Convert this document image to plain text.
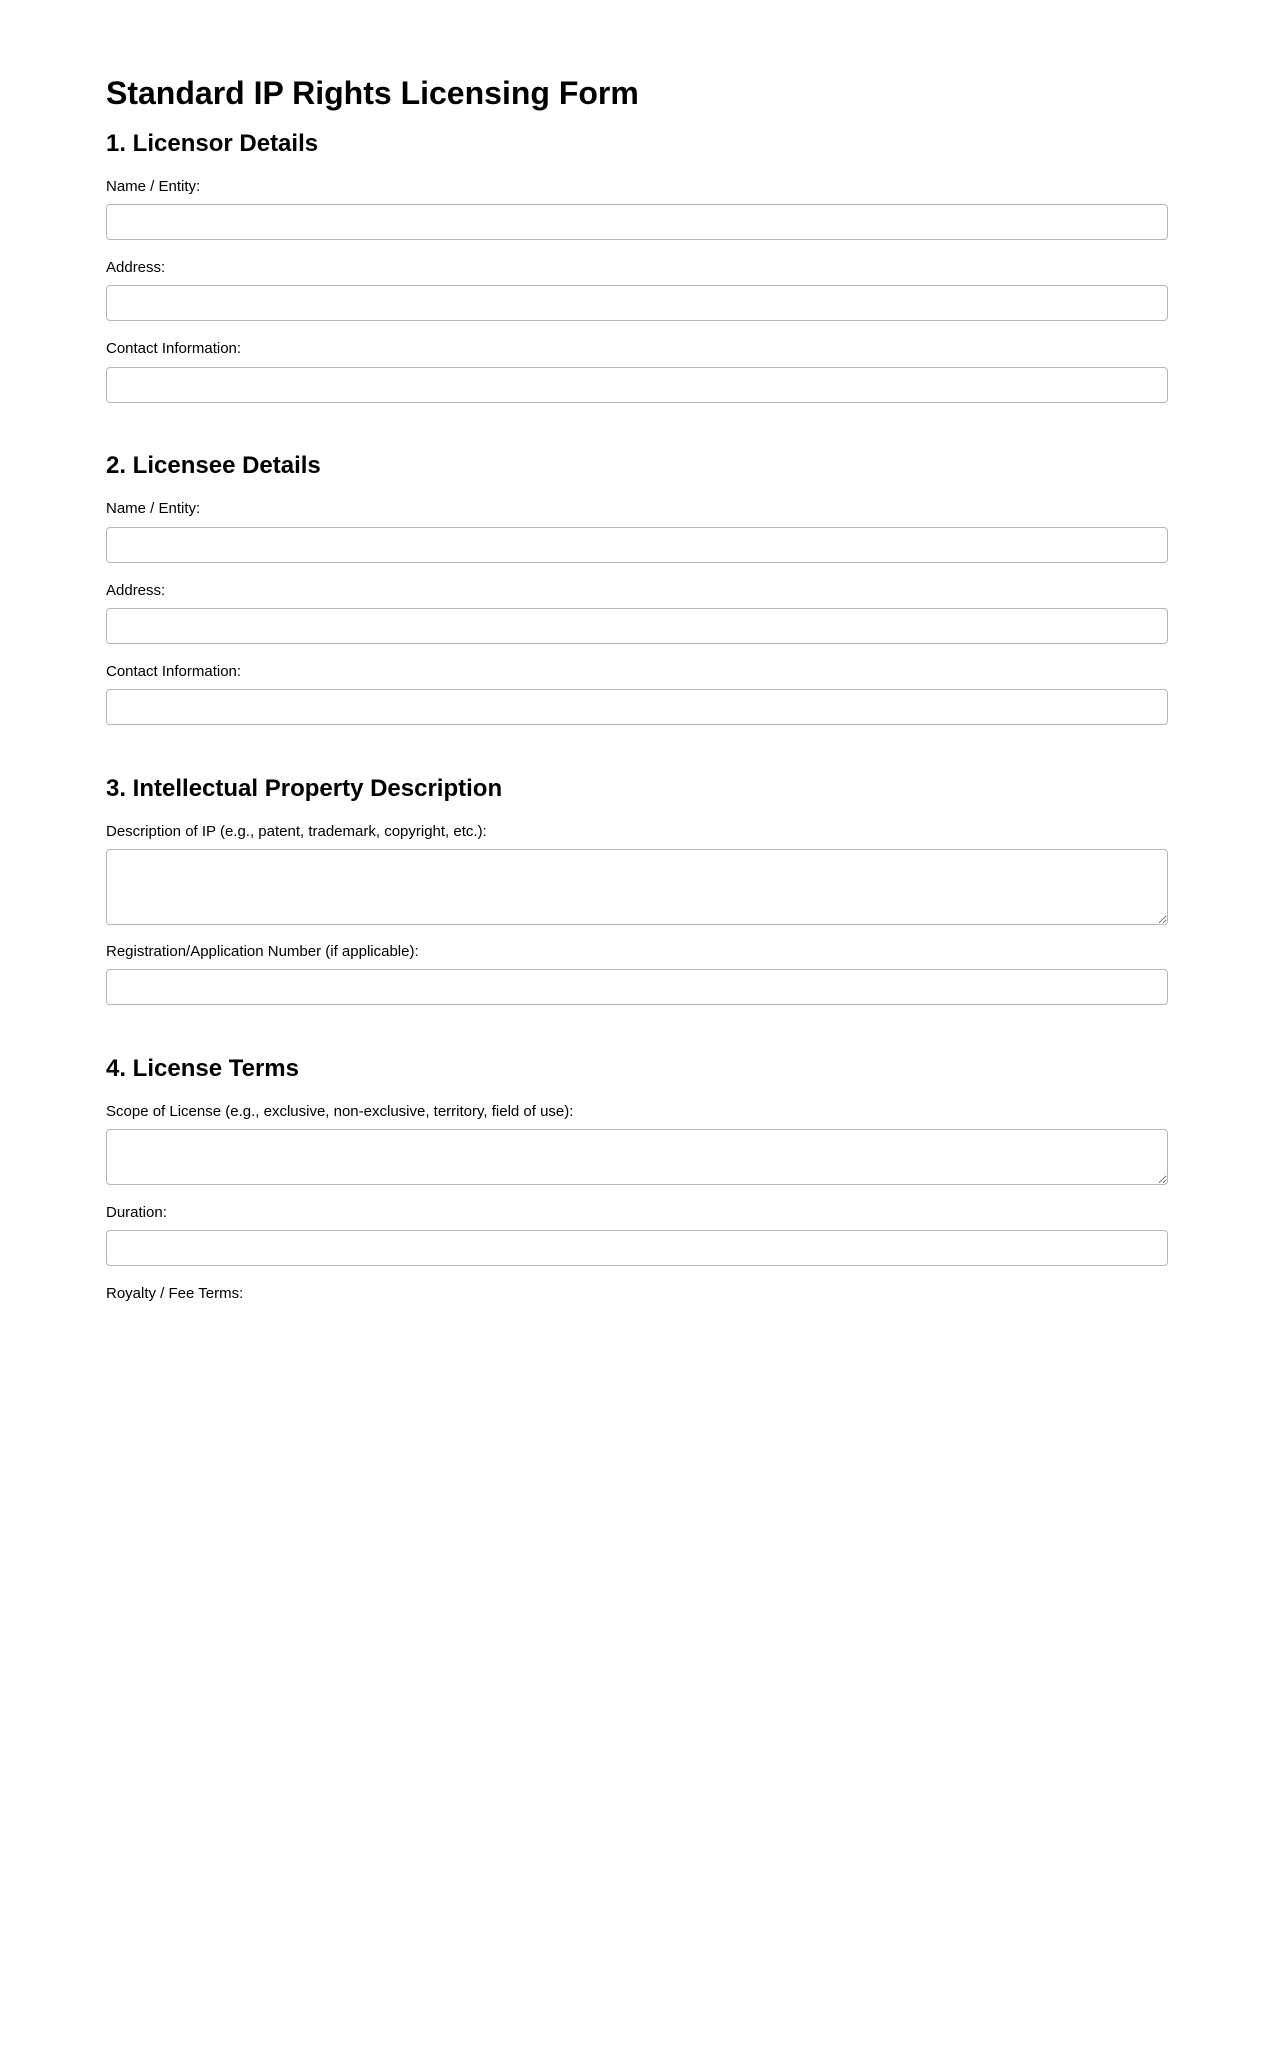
Standard IP Rights Licensing Form
1. Licensor Details
Name / Entity:
Address:
Contact Information:
2. Licensee Details
Name / Entity:
Address:
Contact Information:
3. Intellectual Property Description
Description of IP (e.g., patent, trademark, copyright, etc.):
Registration/Application Number (if applicable):
4. License Terms
Scope of License (e.g., exclusive, non-exclusive, territory, field of use):
Duration:
Royalty / Fee Terms:
